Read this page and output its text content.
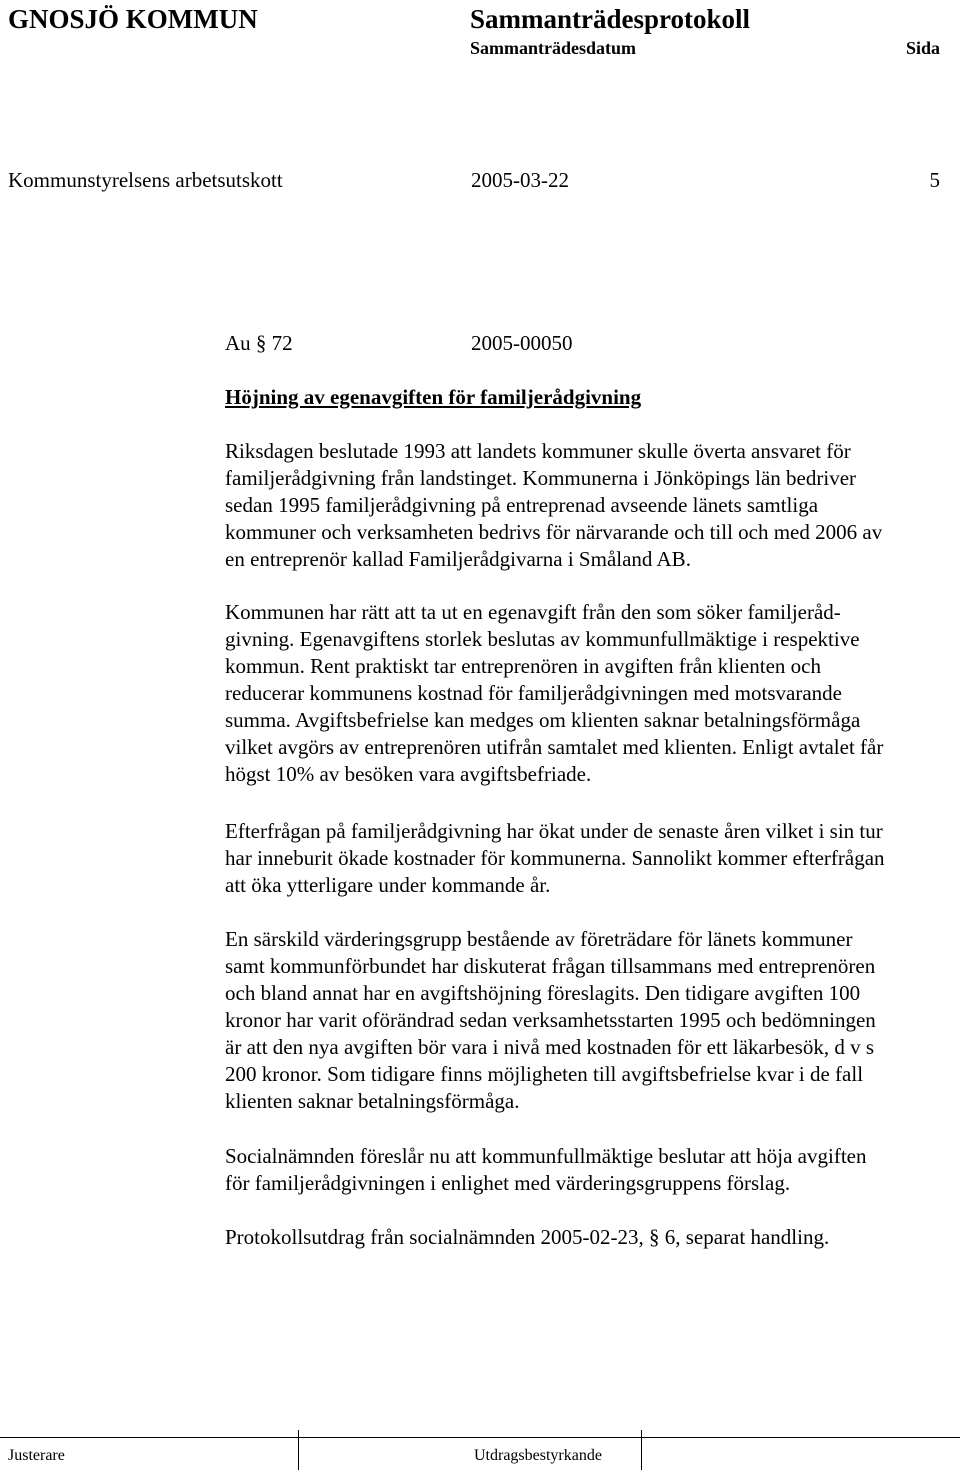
GNOSJÖ KOMMUN	Sammanträdesprotokoll
Sammanträdesdatum	Sida
Kommunstyrelsens arbetsutskott	2005-03-22	5
Au § 72	2005-00050
Höjning av egenavgiften för familjerådgivning
Riksdagen beslutade 1993 att landets kommuner skulle överta ansvaret för
familjerådgivning från landstinget. Kommunerna i Jönköpings län bedriver
sedan 1995 familjerådgivning på entreprenad avseende länets samtliga
kommuner och verksamheten bedrivs för närvarande och till och med 2006 av
en entreprenör kallad Familjerådgivarna i Småland AB.
Kommunen har rätt att ta ut en egenavgift från den som söker familjeråd-
givning. Egenavgiftens storlek beslutas av kommunfullmäktige i respektive
kommun. Rent praktiskt tar entreprenören in avgiften från klienten och
reducerar kommunens kostnad för familjerådgivningen med motsvarande
summa. Avgiftsbefrielse kan medges om klienten saknar betalningsförmåga
vilket avgörs av entreprenören utifrån samtalet med klienten. Enligt avtalet får
högst 10% av besöken vara avgiftsbefriade.
Efterfrågan på familjerådgivning har ökat under de senaste åren vilket i sin tur
har inneburit ökade kostnader för kommunerna. Sannolikt kommer efterfrågan
att öka ytterligare under kommande år.
En särskild värderingsgrupp bestående av företrädare för länets kommuner
samt kommunförbundet har diskuterat frågan tillsammans med entreprenören
och bland annat har en avgiftshöjning föreslagits. Den tidigare avgiften 100
kronor har varit oförändrad sedan verksamhetsstarten 1995 och bedömningen
är att den nya avgiften bör vara i nivå med kostnaden för ett läkarbesök, d v s
200 kronor. Som tidigare finns möjligheten till avgiftsbefrielse kvar i de fall
klienten saknar betalningsförmåga.
Socialnämnden föreslår nu att kommunfullmäktige beslutar att höja avgiften
för familjerådgivningen i enlighet med värderingsgruppens förslag.
Protokollsutdrag från socialnämnden 2005-02-23, § 6, separat handling.
Justerare	Utdragsbestyrkande
